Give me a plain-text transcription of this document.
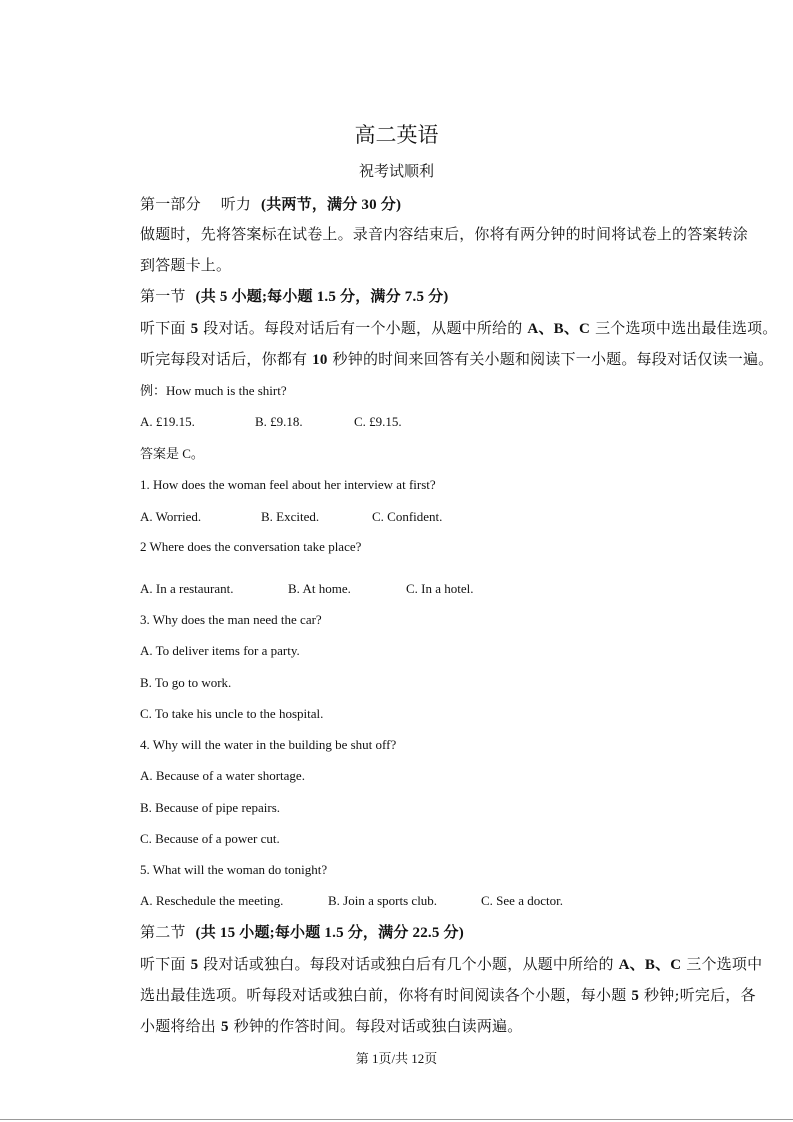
高二英语
祝考试顺利
第一部分 听力 (共两节，满分 30 分)
做题时，先将答案标在试卷上。录音内容结束后，你将有两分钟的时间将试卷上的答案转涂
到答题卡上。
第一节 (共 5 小题;每小题 1.5 分，满分 7.5 分)
听下面 5 段对话。每段对话后有一个小题，从题中所给的 A、B、C 三个选项中选出最佳选项。
听完每段对话后，你都有 10 秒钟的时间来回答有关小题和阅读下一小题。每段对话仅读一遍。
例：How much is the shirt?
A. £19.15.	B. £9.18.	C. £9.15.
答案是 C。
1. How does the woman feel about her interview at first?
A. Worried.	B. Excited.	C. Confident.
2 Where does the conversation take place?
A. In a restaurant.	B. At home.	C. In a hotel.
3. Why does the man need the car?
A. To deliver items for a party.
B. To go to work.
C. To take his uncle to the hospital.
4. Why will the water in the building be shut off?
A. Because of a water shortage.
B. Because of pipe repairs.
C. Because of a power cut.
5. What will the woman do tonight?
A. Reschedule the meeting.	B. Join a sports club.	C. See a doctor.
第二节 (共 15 小题;每小题 1.5 分，满分 22.5 分)
听下面 5 段对话或独白。每段对话或独白后有几个小题，从题中所给的 A、B、C 三个选项中
选出最佳选项。听每段对话或独白前，你将有时间阅读各个小题，每小题 5 秒钟;听完后，各
小题将给出 5 秒钟的作答时间。每段对话或独白读两遍。
第 1页/共 12页
